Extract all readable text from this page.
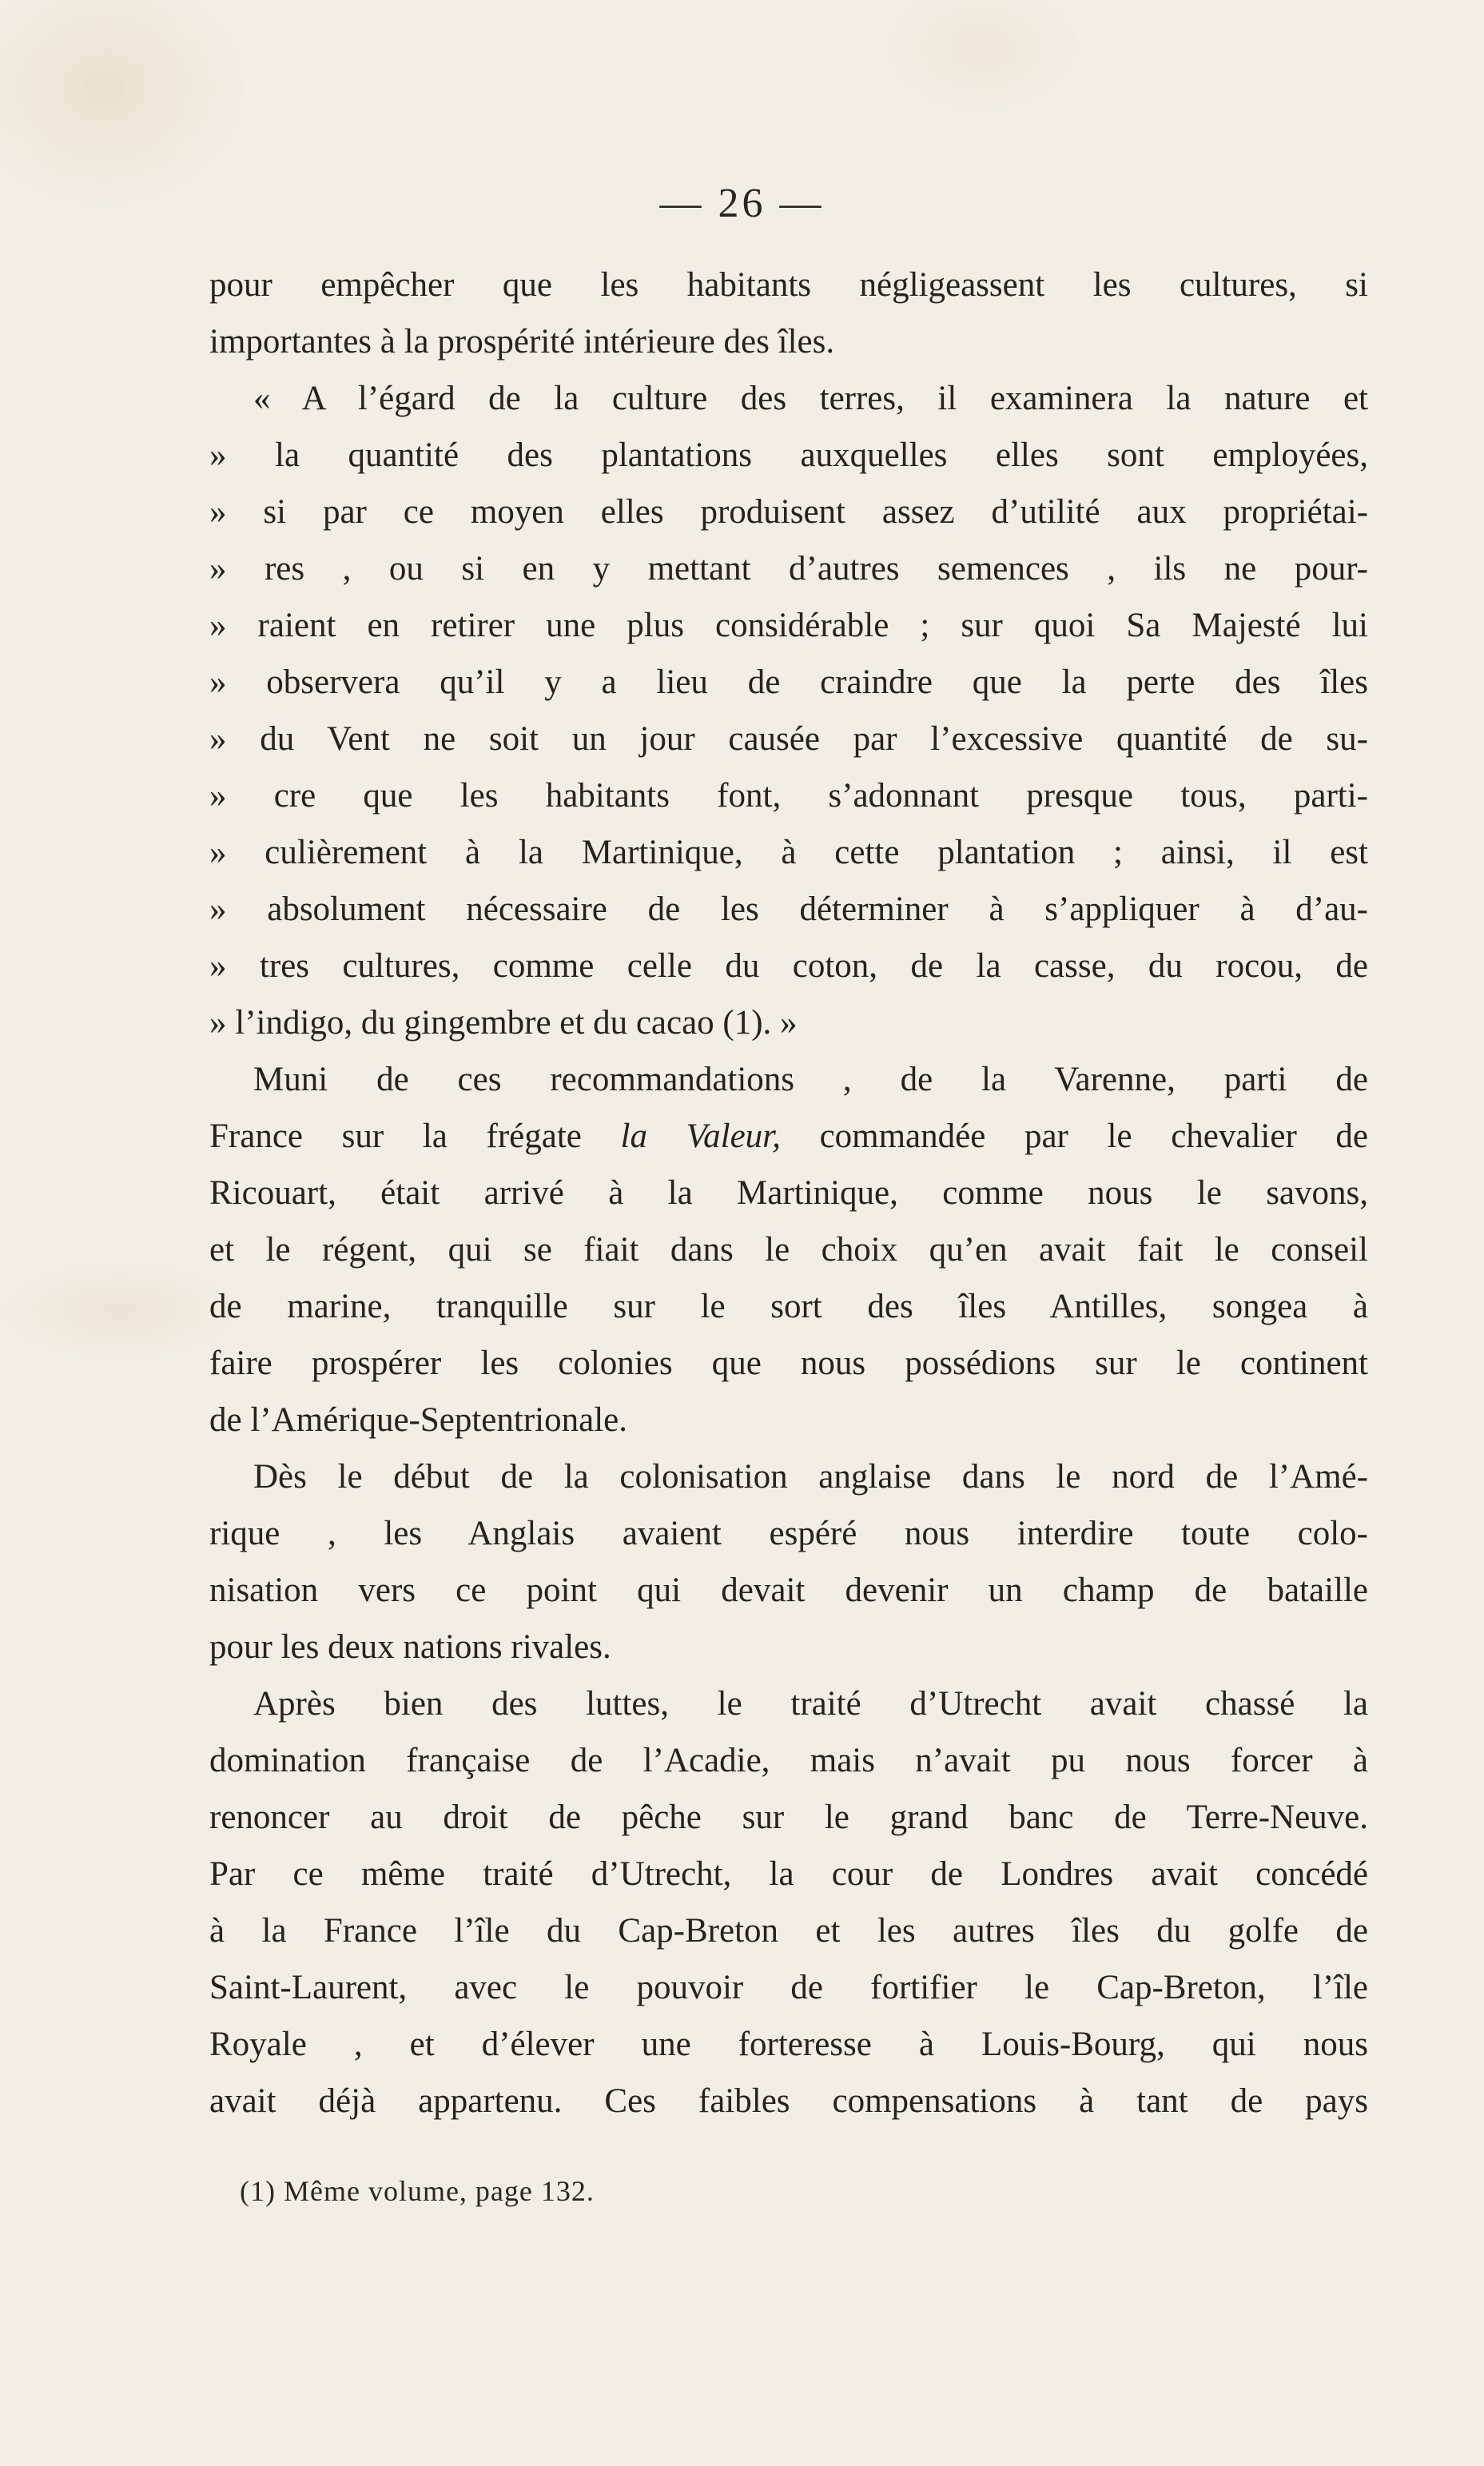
— 26 —
pour empêcher que les habitants négligeassent les cultures, si
importantes à la prospérité intérieure des îles.
« A l’égard de la culture des terres, il examinera la nature et
» la quantité des plantations auxquelles elles sont employées,
» si par ce moyen elles produisent assez d’utilité aux propriétai-
» res , ou si en y mettant d’autres semences , ils ne pour-
» raient en retirer une plus considérable ; sur quoi Sa Majesté lui
» observera qu’il y a lieu de craindre que la perte des îles
» du Vent ne soit un jour causée par l’excessive quantité de su-
» cre que les habitants font, s’adonnant presque tous, parti-
» culièrement à la Martinique, à cette plantation ; ainsi, il est
» absolument nécessaire de les déterminer à s’appliquer à d’au-
» tres cultures, comme celle du coton, de la casse, du rocou, de
» l’indigo, du gingembre et du cacao (1). »
Muni de ces recommandations , de la Varenne, parti de
France sur la frégate la Valeur, commandée par le chevalier de
Ricouart, était arrivé à la Martinique, comme nous le savons,
et le régent, qui se fiait dans le choix qu’en avait fait le conseil
de marine, tranquille sur le sort des îles Antilles, songea à
faire prospérer les colonies que nous possédions sur le continent
de l’Amérique-Septentrionale.
Dès le début de la colonisation anglaise dans le nord de l’Amé-
rique , les Anglais avaient espéré nous interdire toute colo-
nisation vers ce point qui devait devenir un champ de bataille
pour les deux nations rivales.
Après bien des luttes, le traité d’Utrecht avait chassé la
domination française de l’Acadie, mais n’avait pu nous forcer à
renoncer au droit de pêche sur le grand banc de Terre-Neuve.
Par ce même traité d’Utrecht, la cour de Londres avait concédé
à la France l’île du Cap-Breton et les autres îles du golfe de
Saint-Laurent, avec le pouvoir de fortifier le Cap-Breton, l’île
Royale , et d’élever une forteresse à Louis-Bourg, qui nous
avait déjà appartenu. Ces faibles compensations à tant de pays
(1) Même volume, page 132.
